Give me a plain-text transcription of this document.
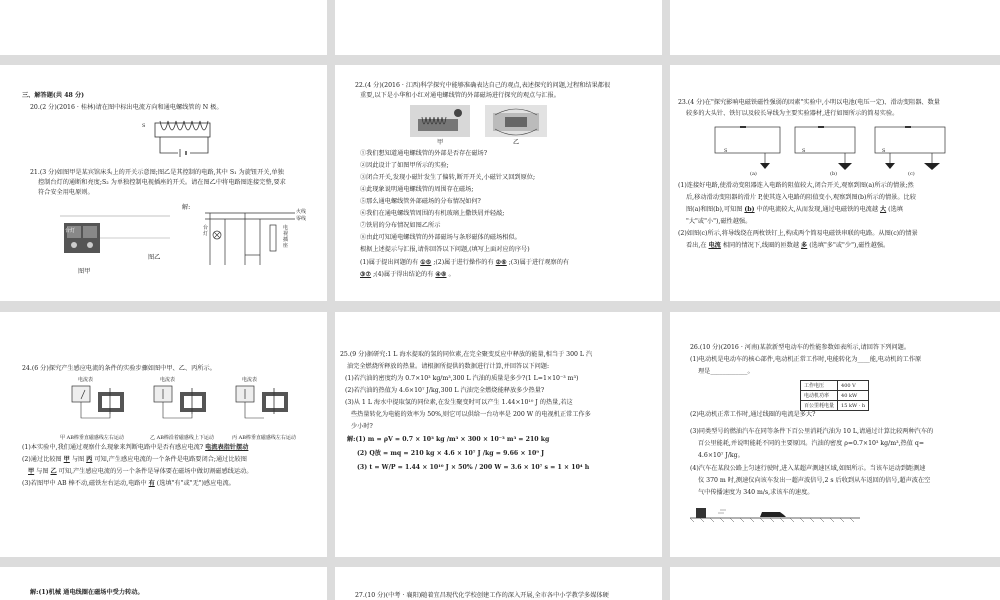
三、解答题(共 48 分)
20.(2 分)(2016 · 桂林)请在图中标出电流方向和通电螺线管的 N 极。
S
21.(3 分)如图甲是某宾馆床头上的开关示意图;图乙是其控制的电路,其中 S₁ 为旋钮开关,单独
控制台灯的通断和亮度;S₂ 为单独控制电视插座的开关。请在图乙中将电路图连接完整,要求
符合安全用电原则。
台灯
图甲
解:
火线
零线
台灯
电视插座
图乙
22.(4 分)(2016 · 江西)科学探究中能够准确表达自己的观点,表述探究的问题,过程和结果都很
重要,以下是小华和小红对通电螺线管的外部磁场进行探究的观点与汇报。
甲	乙
①我们想知道通电螺线管的外部是否存在磁场?
②因此设计了如图甲所示的实验;
③闭合开关,发现小磁针发生了偏转,断开开关,小磁针又回到原位;
④此现象说明通电螺线管的周围存在磁场;
⑤那么通电螺线管外部磁场的分布情况如何?
⑥我们在通电螺线管周围的有机玻璃上撒铁屑并轻敲;
⑦铁屑的分布情况如图乙所示
⑧由此可知通电螺线管的外部磁场与条形磁体的磁场相似。
根据上述提示与汇报,请你回答以下问题,(填写上面对应的序号)
(1)属于提出问题的有 ①⑤ ;(2)属于进行操作的有 ②⑥ ;(3)属于进行观察的有
③⑦ ;(4)属于得出结论的有 ④⑧ 。
23.(4 分)在"探究影响电磁铁磁性强弱的因素"实验中,小明以电池(电压一定)、滑动变阻器、数量
较多的大头针、铁钉以及较长导线为主要实验器材,进行如图所示的简易实验。
S	S	S
(a)	(b)	(c)
(1)连接好电路,使滑动变阻器连入电路的阻值较大,闭合开关,观察到图(a)所示的情景;然
后,移动滑动变阻器的滑片 P,使其连入电路的阻值变小,观察到图(b)所示的情景。比较
图(a)和图(b),可知图 (b) 中的电流较大,从而发现,通过电磁铁的电流越 大 (选填
"大"或"小"),磁性越强。
(2)如图(c)所示,将导线绕在两枚铁钉上,构成两个简易电磁铁串联的电路。从图(c)的情景
看出,在 电流 相同的情况下,线圈的匝数越 多 (选填"多"或"少"),磁性越强。
24.(6 分)探究产生感应电流的条件的实验步骤如图中甲、乙、丙所示。
电流表	电流表	电流表
甲 AB棒垂直磁感线左右运动	乙 AB棒沿着磁感线上下运动	丙 AB棒垂直磁感线左右运动
(1)本实验中,我们通过观察什么现象来判断电路中是否有感应电流? 电流表指针摆动
(2)通过比较图 甲 与图 丙 可知,产生感应电流的一个条件是电路要闭合;通过比较图
甲 与图 乙 可知,产生感应电流的另一个条件是导体要在磁场中做切割磁感线运动。
(3)若图甲中 AB 棒不动,磁铁左右运动,电路中 有 (选填"有"或"无")感应电流。
25.(9 分)据研究:1 L 海水提取的氢的同位素,在完全聚变反应中释放的能量,相当于 300 L 汽
油完全燃烧所释放的热量。请根据所提供的数据进行计算,并回答以下问题:
(1)若汽油的密度约为 0.7×10³ kg/m³,300 L 汽油的质量是多少?(1 L=1×10⁻³ m³)
(2)若汽油的热值为 4.6×10⁷ J/kg,300 L 汽油完全燃烧能释放多少热量?
(3)从 1 L 海水中提取氢的同位素,在发生聚变时可以产生 1.44×10¹⁰ J 的热量,若这
些热量转化为电能的效率为 50%,则它可以供给一台功率是 200 W 的电视机正常工作多
少小时?
解:(1) m = ρV = 0.7 × 10³ kg /m³ × 300 × 10⁻³ m³ = 210 kg
(2) Q放 = mq = 210 kg × 4.6 × 10⁷ J /kg = 9.66 × 10⁹ J
(3) t = W/P = 1.44 × 10¹⁰ J × 50% / 200 W = 3.6 × 10⁷ s = 1 × 10⁴ h
26.(10 分)(2016 · 河南)某款新型电动车的性能参数如表所示,请回答下列问题。
(1)电动机是电动车的核心部件,电动机正常工作时,电能转化为____能,电动机的工作原
理是____________。
工作电压	400 V
电动机功率	40 kW
百公里耗电量	15 kW · h
(2)电动机正常工作时,通过线圈的电流是多大?
(3)同类型号的燃油汽车在同等条件下百公里消耗汽油为 10 L,请通过计算比较两种汽车的
百公里能耗,并说明能耗不同的主要原因。汽油的密度 ρ=0.7×10³ kg/m³,热值 q=
4.6×10⁷ J/kg。
(4)汽车在某段公路上匀速行驶时,进入某超声测速区域,如图所示。当该车运动到距测速
仪 370 m 时,测速仪向该车发出一超声波信号,2 s 后收到从车返回的信号,超声波在空
气中传播速度为 340 m/s,求该车的速度。
解:(1)机械 通电线圈在磁场中受力转动。	27.(10 分)(中考 · 襄阳)随着宜昌现代化学校创建工作的深入开展,全市各中小学教学多媒体硬
